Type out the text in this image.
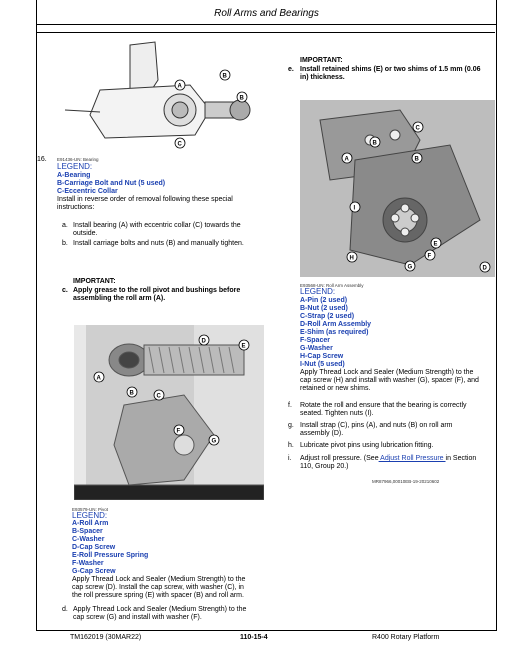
Roll Arms and Bearings
A
B
C
B
16. E91436-UN: Bearing
LEGEND:
A-Bearing
B-Carriage Bolt and Nut (5 used)
C-Eccentric Collar
Install in reverse order of removal following these special
instructions:
a. Install bearing (A) with eccentric collar (C) towards the
outside.
b. Install carriage bolts and nuts (B) and manually tighten.
IMPORTANT:
c. Apply grease to the roll pivot and bushings before
assembling the roll arm (A).
D
E
A
B	C
F
G
E93579-UN: Pivot
LEGEND:
A-Roll Arm
B-Spacer
C-Washer
D-Cap Screw
E-Roll Pressure Spring
F-Washer
G-Cap Screw
Apply Thread Lock and Sealer (Medium Strength) to the
cap screw (D). Install the cap screw, with washer (C), in
the roll pressure spring (E) with spacer (B) and roll arm.
d. Apply Thread Lock and Sealer (Medium Strength) to the
cap screw (G) and install with washer (F).
IMPORTANT:
e. Install retained shims (E) or two shims of 1.5 mm (0.06
in) thickness.
C
A
B
B
I
E
F
G
H
D
E93568-UN: Roll Arm Assembly
LEGEND:
A-Pin (2 used)
B-Nut (2 used)
C-Strap (2 used)
D-Roll Arm Assembly
E-Shim (as required)
F-Spacer
G-Washer
H-Cap Screw
I-Nut (5 used)
Apply Thread Lock and Sealer (Medium Strength) to the
cap screw (H) and install with washer (G), spacer (F), and
retained or new shims.
f. Rotate the roll and ensure that the bearing is correctly
seated. Tighten nuts (I).
g. Install strap (C), pins (A), and nuts (B) on roll arm
assembly (D).
h. Lubricate pivot pins using lubrication fitting.
i. Adjust roll pressure. (See Adjust Roll Pressure in Section
110, Group 20.)
MR87966,00010EB-19-20210602
TM162019 (30MAR22)	110-15-4	R400 Rotary Platform
